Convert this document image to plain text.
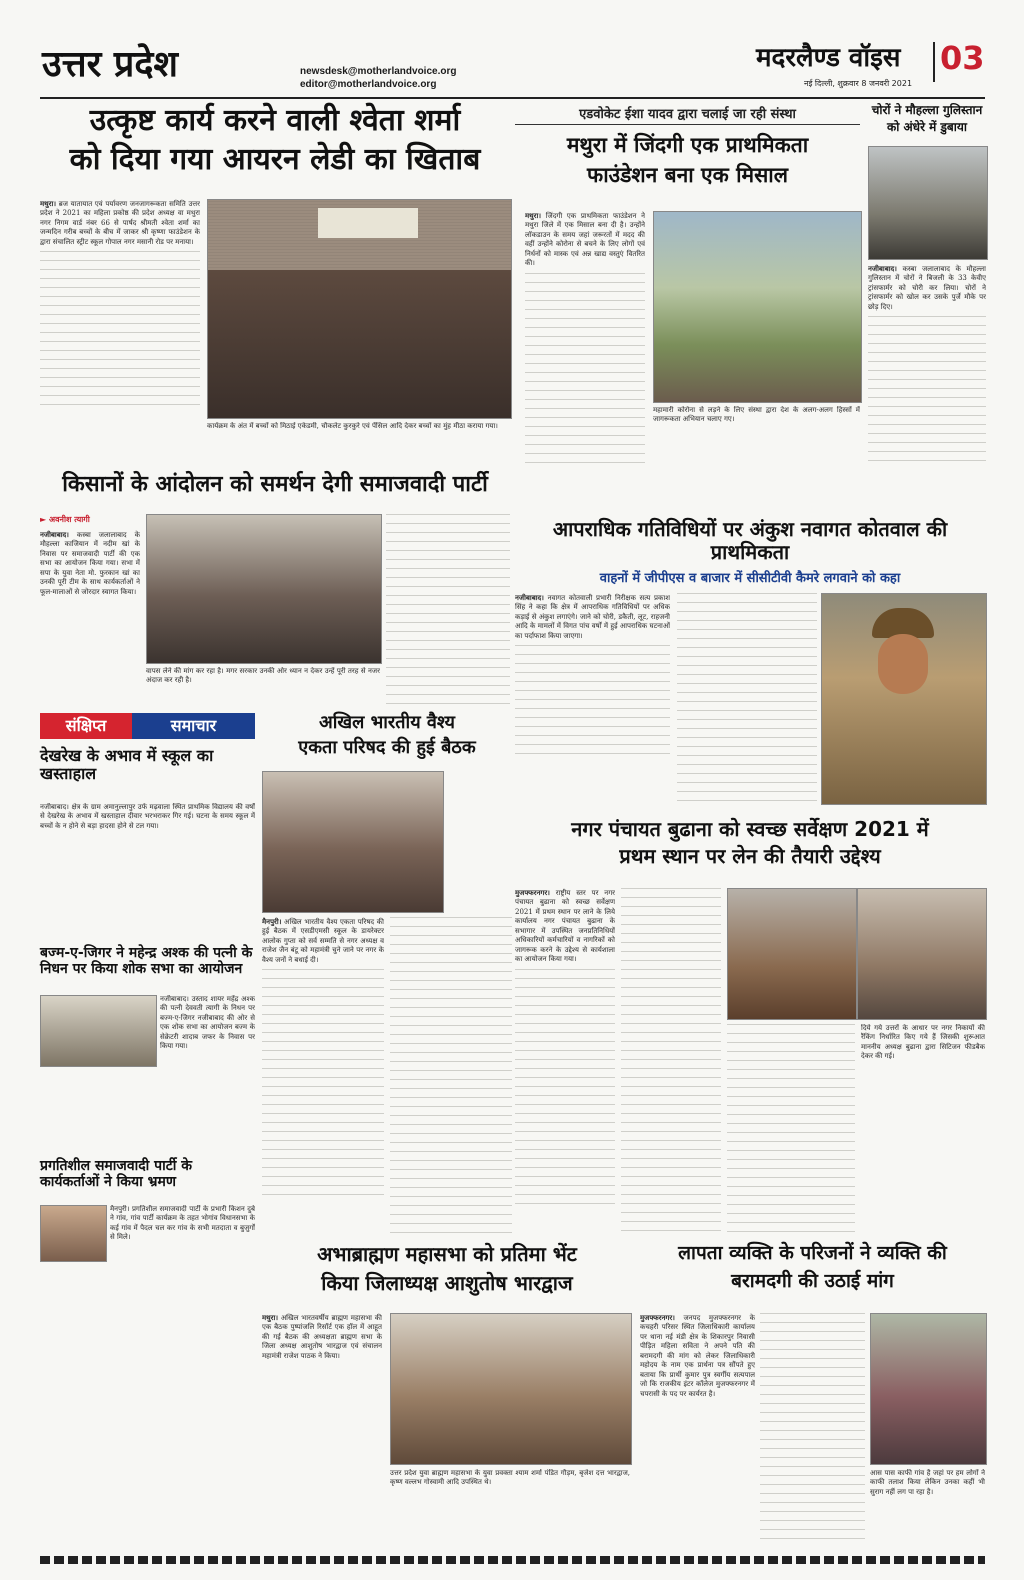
उत्तर प्रदेश	newsdesk@motherlandvoice.org
editor@motherlandvoice.org
मदरलैण्ड वॉइस 03
नई दिल्ली, शुक्रवार 8 जनवरी 2021
उत्कृष्ट कार्य करने वाली श्वेता शर्मा
को दिया गया आयरन लेडी का खिताब
मथुरा। ब्रज यातायात एवं पर्यावरण जनजागरूकता समिति उत्तर प्रदेश ने 2021 का महिला प्रकोष्ठ की प्रदेश अध्यक्ष वा मथुरा नगर निगम वार्ड नंबर 66 से पार्षद श्रीमती श्वेता शर्मा का जन्मदिन गरीब बच्चों के बीच में जाकर श्री कृष्णा फाउंडेशन के द्वारा संचालित स्ट्रीट स्कूल गोपाल नगर मसानी रोड पर मनाया।
कार्यक्रम के अंत में बच्चों को मिठाई एकेडमी, चौकलेट कुरकुरे एवं पेंसिल आदि देकर बच्चों का मुंह मीठा कराया गया।
एडवोकेट ईशा यादव द्वारा चलाई जा रही संस्था
मथुरा में जिंदगी एक प्राथमिकता
फाउंडेशन बना एक मिसाल
मथुरा। जिंदगी एक प्राथमिकता फाउंडेशन ने मथुरा जिले में एक मिसाल बना दी है। उन्होंने लॉकडाउन के समय जहां जरूरतों में मदद की वहीं उन्होंने कोरोना से बचने के लिए लोगों एवं निर्धनों को मास्क एवं अन्न खाद्य वस्तुएं वितरित की।
महामारी कोरोना से लड़ने के लिए संस्था द्वारा देश के अलग-अलग हिस्सों में जागरूकता अभियान चलाए गए।
चोरों ने मौहल्ला गुलिस्तान
को अंधेरे में डुबाया
नजीबाबाद। कस्बा जलालाबाद के मौहल्ला गुलिस्तान में चोरों ने बिजली के 33 केवीए ट्रांसफार्मर को चोरी कर लिया। चोरों ने ट्रांसफार्मर को खोल कर उसके पुर्जे मौके पर छोड़ दिए।
किसानों के आंदोलन को समर्थन देगी समाजवादी पार्टी
► अवनीश त्यागी
नजीबाबाद। कस्बा जलालाबाद के मौहल्ला काजियान में नदीम खां के निवास पर समाजवादी पार्टी की एक सभा का आयोजन किया गया। सभा में सपा के युवा नेता मो. फुरकान खां का उनकी पूरी टीम के साथ कार्यकर्ताओं ने फूल-मालाओं से जोरदार स्वागत किया।
वापस लेने की मांग कर रहा है। मगर सरकार उनकी ओर ध्यान न देकर उन्हें पूरी तरह से नजर अंदाज कर रही है।
आपराधिक गतिविधियों पर अंकुश नवागत कोतवाल की प्राथमिकता
वाहनों में जीपीएस व बाजार में सीसीटीवी कैमरे लगवाने को कहा
नजीबाबाद। नवागत कोतवाली प्रभारी निरीक्षक सत्य प्रकाश सिंह ने कहा कि क्षेत्र में आपराधिक गतिविधियों पर अधिक कड़ाई से अंकुश लगाएंगे। जाने को चोरी, डकैती, लूट, राहजनी आदि के मामलों में विगत पांच वर्षों में हुई आपराधिक घटनाओं का पर्दाफाश किया जाएगा।
संक्षिप्त	समाचार
देखरेख के अभाव में स्कूल का खस्ताहाल
नजीबाबाद। क्षेत्र के ग्राम अमानुल्लापुर उर्फ मढ़वाला स्थित प्राथमिक विद्यालय की वर्षों से देखरेख के अभाव में खस्ताहाल दीवार भरभराकर गिर गई। घटना के समय स्कूल में बच्चों के न होने से बड़ा हादसा होने से टल गया।
बज्म-ए-जिगर ने महेन्द्र अश्क की पत्नी के निधन पर किया शोक सभा का आयोजन
नजीबाबाद। उस्ताद शायर महेंद्र अश्क की पत्नी देववती त्यागी के निधन पर बज्म-ए-जिगर नजीबाबाद की ओर से एक शोक सभा का आयोजन बज्म के सेक्रेटरी शादाब जफर के निवास पर किया गया।
प्रगतिशील समाजवादी पार्टी के कार्यकर्ताओं ने किया भ्रमण
मैनपुरी। प्रगतिशील समाजवादी पार्टी के प्रभारी किशन दुबे ने गांव, गांव पार्टी कार्यक्रम के तहत भोगांव विधानसभा के कई गांव में पैदल चल कर गांव के सभी मतदाता व बुजुर्गों से मिले।
अखिल भारतीय वैश्य
एकता परिषद की हुई बैठक
मैनपुरी। अखिल भारतीय वैश्य एकता परिषद की हुई बैठक में एसडीएमसी स्कूल के डायरेक्टर आलोक गुप्ता को सर्व सम्मति से नगर अध्यक्ष व राजेश जैन बंटू को महामंत्री चुने जाने पर नगर के वैश्य जनों ने बधाई दी।
नगर पंचायत बुढाना को स्वच्छ सर्वेक्षण 2021 में
प्रथम स्थान पर लेन की तैयारी उद्देश्य
मुजफ्फरनगर। राष्ट्रीय स्तर पर नगर पंचायत बुढाना को स्वच्छ सर्वेक्षण 2021 में प्रथम स्थान पर लाने के लिये कार्यालय नगर पंचायत बुढाना के सभागार में उपस्थित जनप्रतिनिधियों अधिकारियों कर्मचारियों व नागरिकों को जागरूक करने के उद्देश्य से कार्यशाला का आयोजन किया गया।
दिये गये उत्तरों के आधार पर नगर निकायों की रैंकिंग निर्धारित किए गये हैं जिसकी शुरूआत माननीय अध्यक्ष बुढाना द्वारा सिटिजन फीडबैक देकर की गई।
अभाब्राह्मण महासभा को प्रतिमा भेंट
किया जिलाध्यक्ष आशुतोष भारद्वाज
मथुरा। अखिल भारतवर्षीय ब्राह्मण महासभा की एक बैठक पुष्पांजलि रिसॉर्ट एक हॉल में आहूत की गई बैठक की अध्यक्षता ब्राह्मण सभा के जिला अध्यक्ष आशुतोष भारद्वाज एवं संचालन महामंत्री राजेश पाठक ने किया।
उत्तर प्रदेश युवा ब्राह्मण महासभा के युवा प्रवक्ता श्याम शर्मा पंडित गौड़म, बृजेश दत्त भारद्वाज, कृष्ण वल्लभ गोस्वामी आदि उपस्थित थे।
लापता व्यक्ति के परिजनों ने व्यक्ति की
बरामदगी की उठाई मांग
मुजफ्फरनगर। जनपद मुजफ्फरनगर के कचहरी परिसर स्थित जिलाधिकारी कार्यालय पर थाना नई मंडी क्षेत्र के शिकारपुर निवासी पीड़ित महिला सविता ने अपने पति की बरामदगी की मांग को लेकर जिलाधिकारी महोदय के नाम एक प्रार्थना पत्र सौंपते हुए बताया कि प्रार्थी कुमार पुत्र स्वर्गीय सत्यपाल जो कि राजकीय इंटर कॉलेज मुजफ्फरनगर में चपरासी के पद पर कार्यरत है।
आस पास काफी गांव है जहां पर हम लोगों ने काफी तलाश किया लेकिन उनका कहीं भी सुराग नहीं लग पा रहा है।
